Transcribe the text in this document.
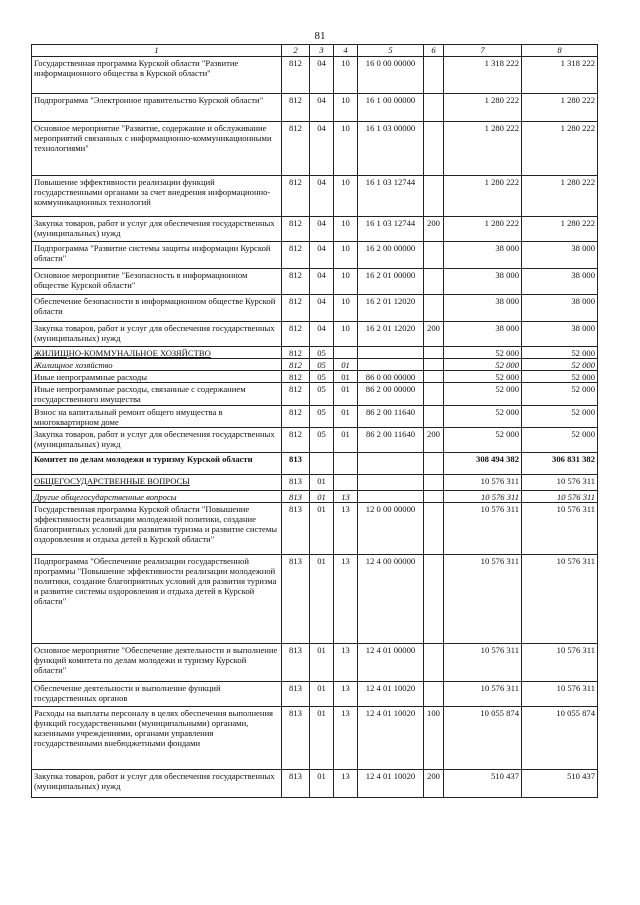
81
1	2	3	4	5	6	7	8
Государственная программа Курской области "Развитие информационного общества в Курской области"	812	04	10	16 0 00 00000		1 318 222	1 318 222
Подпрограмма "Электронное правительство Курской области"	812	04	10	16 1 00 00000		1 280 222	1 280 222
Основное мероприятие "Развитие, содержание и обслуживание мероприятий связанных с информационно-коммуникационными технологиями"	812	04	10	16 1 03 00000		1 280 222	1 280 222
Повышение эффективности реализации функций государственными органами за счет внедрения информационно-коммуникационных технологий	812	04	10	16 1 03 12744		1 280 222	1 280 222
Закупка товаров, работ и услуг для обеспечения государственных (муниципальных) нужд	812	04	10	16 1 03 12744	200	1 280 222	1 280 222
Подпрограмма "Развитие системы защиты информации Курской области"	812	04	10	16 2 00 00000		38 000	38 000
Основное мероприятие "Безопасность в информационном обществе Курской области"	812	04	10	16 2 01 00000		38 000	38 000
Обеспечение безопасности в информационном обществе Курской области	812	04	10	16 2 01 12020		38 000	38 000
Закупка товаров, работ и услуг для обеспечения государственных (муниципальных) нужд	812	04	10	16 2 01 12020	200	38 000	38 000
ЖИЛИЩНО-КОММУНАЛЬНОЕ ХОЗЯЙСТВО	812	05				52 000	52 000
Жилищное хозяйство	812	05	01			52 000	52 000
Иные непрограммные расходы	812	05	01	86 0 00 00000		52 000	52 000
Иные непрограммные расходы, связанные с содержанием государственного имущества	812	05	01	86 2 00 00000		52 000	52 000
Взнос на капитальный ремонт общего имущества в многоквартирном доме	812	05	01	86 2 00 11640		52 000	52 000
Закупка товаров, работ и услуг для обеспечения государственных (муниципальных) нужд	812	05	01	86 2 00 11640	200	52 000	52 000
Комитет по делам молодежи и туризму Курской области	813					308 494 382	306 831 382
ОБЩЕГОСУДАРСТВЕННЫЕ ВОПРОСЫ	813	01				10 576 311	10 576 311
Другие общегосударственные вопросы	813	01	13			10 576 311	10 576 311
Государственная программа Курской области "Повышение эффективности реализации молодежной политики, создание благоприятных условий для развития туризма и развитие системы оздоровления и отдыха детей в Курской области"	813	01	13	12 0 00 00000		10 576 311	10 576 311
Подпрограмма "Обеспечение реализации государственной программы "Повышение эффективности реализации молодежной политики, создание благоприятных условий для развития туризма и развитие системы оздоровления и отдыха детей в Курской области"	813	01	13	12 4 00 00000		10 576 311	10 576 311
Основное мероприятие "Обеспечение деятельности и выполнение функций комитета по делам молодежи и туризму Курской области"	813	01	13	12 4 01 00000		10 576 311	10 576 311
Обеспечение деятельности и выполнение функций государственных органов	813	01	13	12 4 01 10020		10 576 311	10 576 311
Расходы на выплаты персоналу в целях обеспечения выполнения функций государственными (муниципальными) органами, казенными учреждениями, органами управления государственными внебюджетными фондами	813	01	13	12 4 01 10020	100	10 055 874	10 055 874
Закупка товаров, работ и услуг для обеспечения государственных (муниципальных) нужд	813	01	13	12 4 01 10020	200	510 437	510 437
